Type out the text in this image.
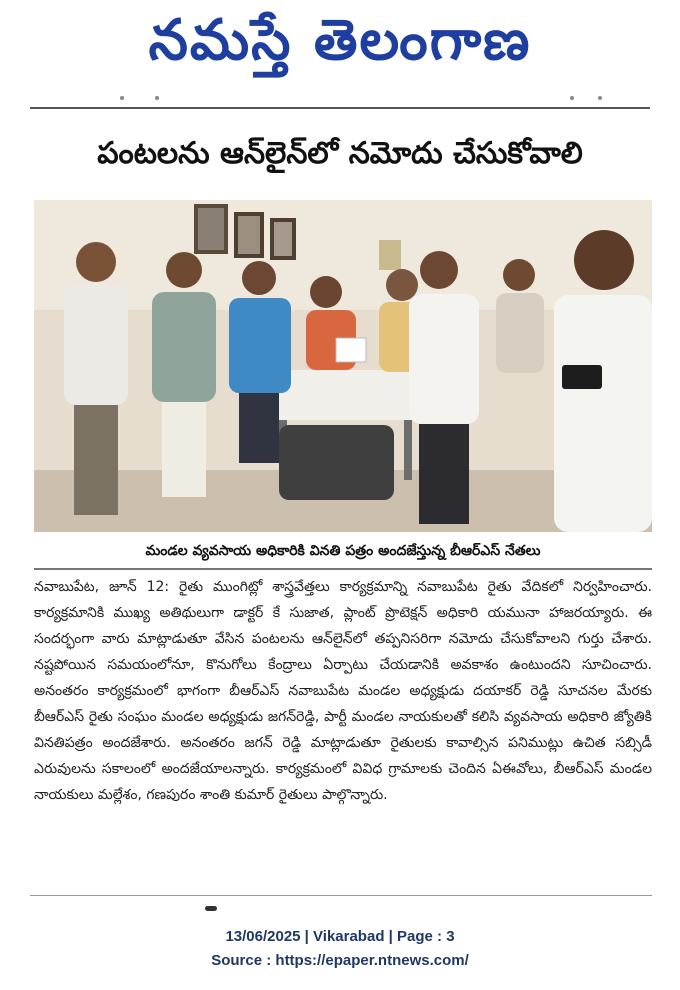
నమస్తే తెలంగాణ
పంటలను ఆన్‌లైన్‌లో నమోదు చేసుకోవాలి
మండల వ్యవసాయ అధికారికి వినతి పత్రం అందజేస్తున్న బీఆర్ఎస్ నేతలు

నవాబుపేట, జూన్ 12: రైతు ముంగిట్లో శాస్త్రవేత్తలు కార్యక్రమాన్ని నవాబుపేట రైతు వేదికలో నిర్వహించారు. కార్యక్రమానికి ముఖ్య అతిథులుగా డాక్టర్ కే సుజాత, ప్లాంట్ ప్రొటెక్షన్ అధికారి యమునా హాజరయ్యారు. ఈ సందర్భంగా వారు మాట్లాడుతూ వేసిన పంటలను ఆన్‌లైన్‌లో తప్పనిసరిగా నమోదు చేసుకోవాలని గుర్తు చేశారు. నష్టపోయిన సమయంలోనూ, కొనుగోలు కేంద్రాలు ఏర్పాటు చేయడానికి అవకాశం ఉంటుందని సూచించారు. అనంతరం కార్యక్రమంలో భాగంగా బీఆర్ఎస్ నవాబుపేట మండల అధ్యక్షుడు దయాకర్ రెడ్డి సూచనల మేరకు బీఆర్ఎస్ రైతు సంఘం మండల అధ్యక్షుడు జగన్‌రెడ్డి, పార్టీ మండల నాయకులతో కలిసి వ్యవసాయ అధికారి జ్యోతికి వినతిపత్రం అందజేశారు. అనంతరం జగన్ రెడ్డి మాట్లాడుతూ రైతులకు కావాల్సిన పనిముట్లు ఉచిత సబ్సిడీ ఎరువులను సకాలంలో అందజేయాలన్నారు. కార్యక్రమంలో వివిధ గ్రామాలకు చెందిన ఏఈవోలు, బీఆర్ఎస్ మండల నాయకులు మల్లేశం, గణపురం శాంతి కుమార్ రైతులు పాల్గొన్నారు.

13/06/2025 | Vikarabad | Page : 3
Source : https://epaper.ntnews.com/
